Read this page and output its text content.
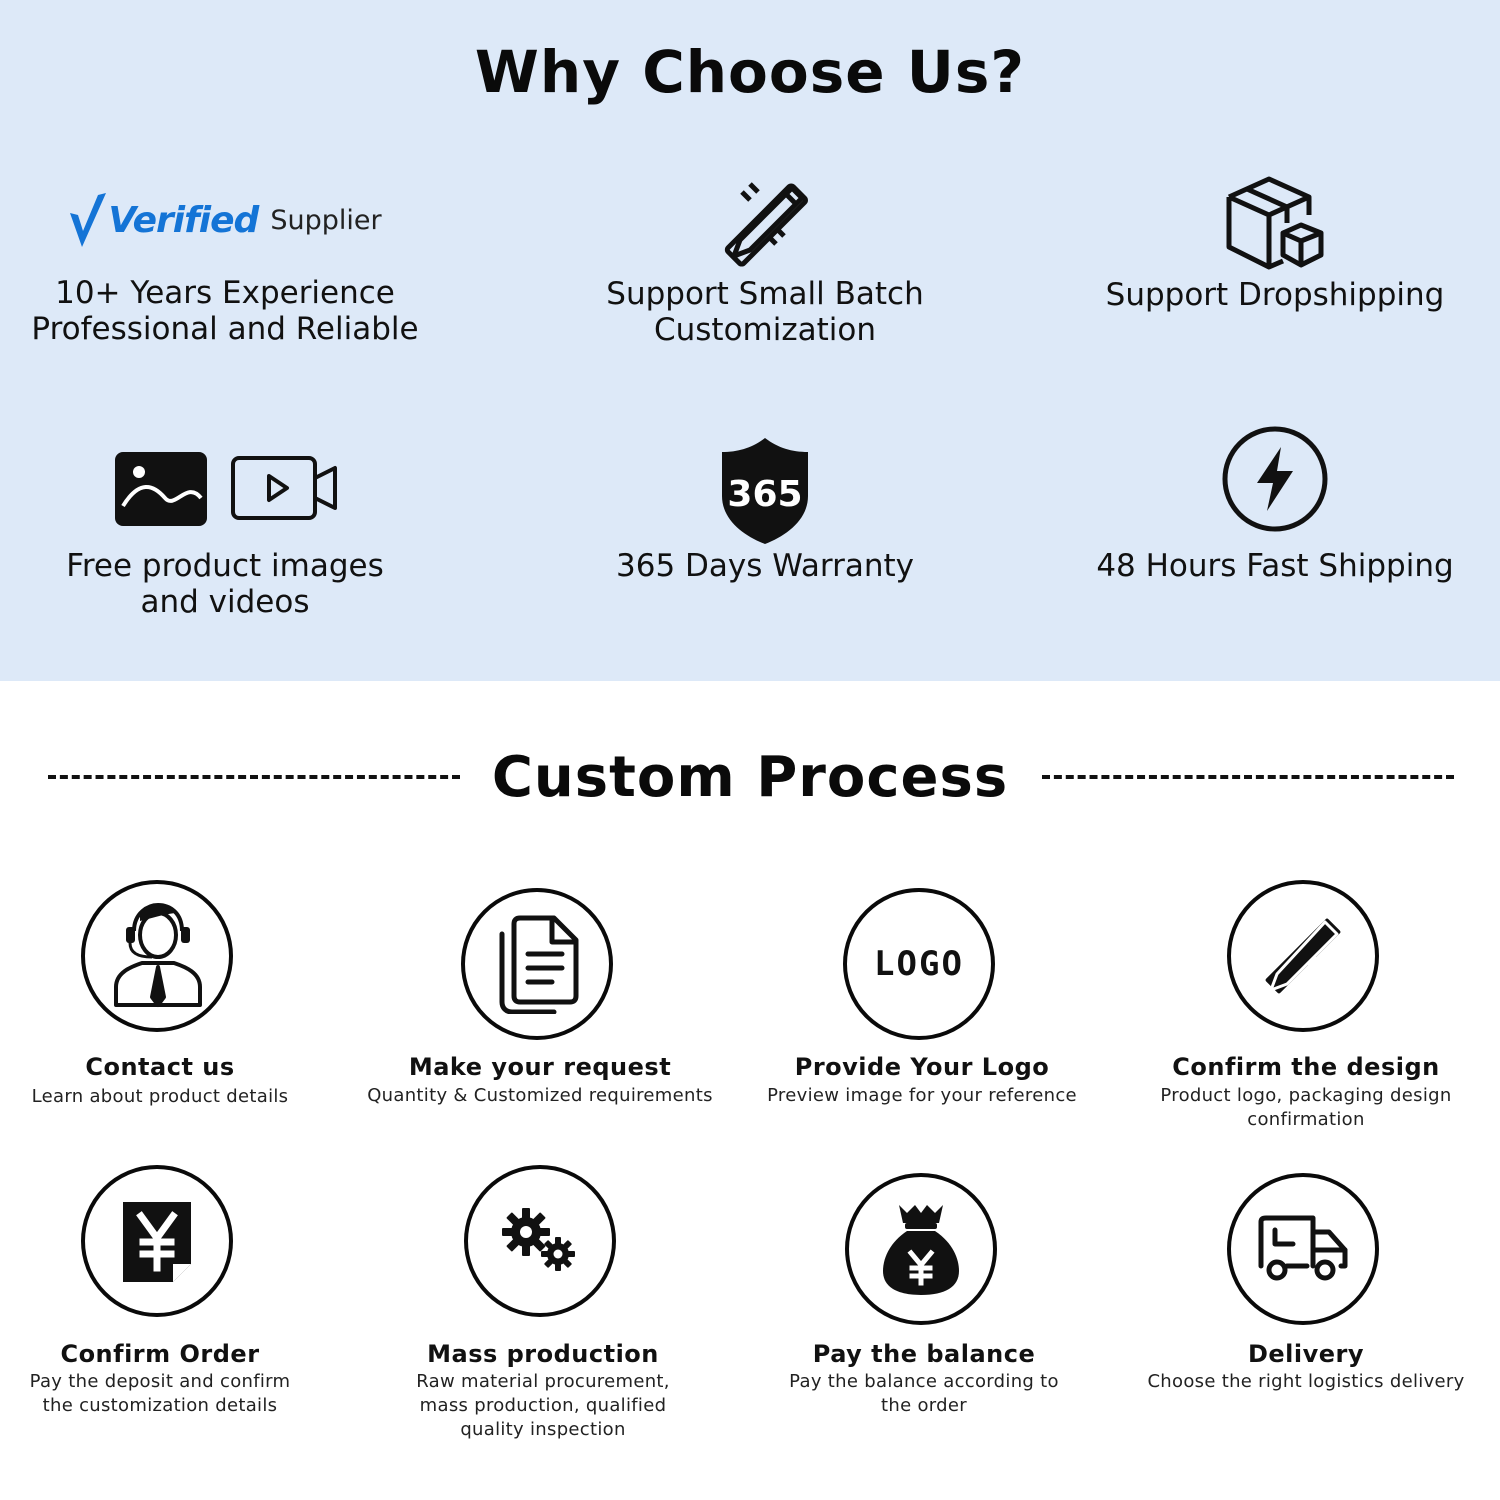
Why Choose Us?
Verified Supplier
10+ Years Experience
Professional and Reliable
Support Small Batch
Customization
Support Dropshipping
Free product images
and videos
365
365 Days Warranty	48 Hours Fast Shipping
Custom Process
Contact us
Learn about product details
Make your request
Quantity & Customized requirements
LOGO
Provide Your Logo
Preview image for your reference
Confirm the design
Product logo, packaging design
confirmation
Confirm Order
Pay the deposit and confirm
the customization details
Mass production
Raw material procurement,
mass production, qualified
quality inspection
Pay the balance
Pay the balance according to
the order
Delivery
Choose the right logistics delivery
